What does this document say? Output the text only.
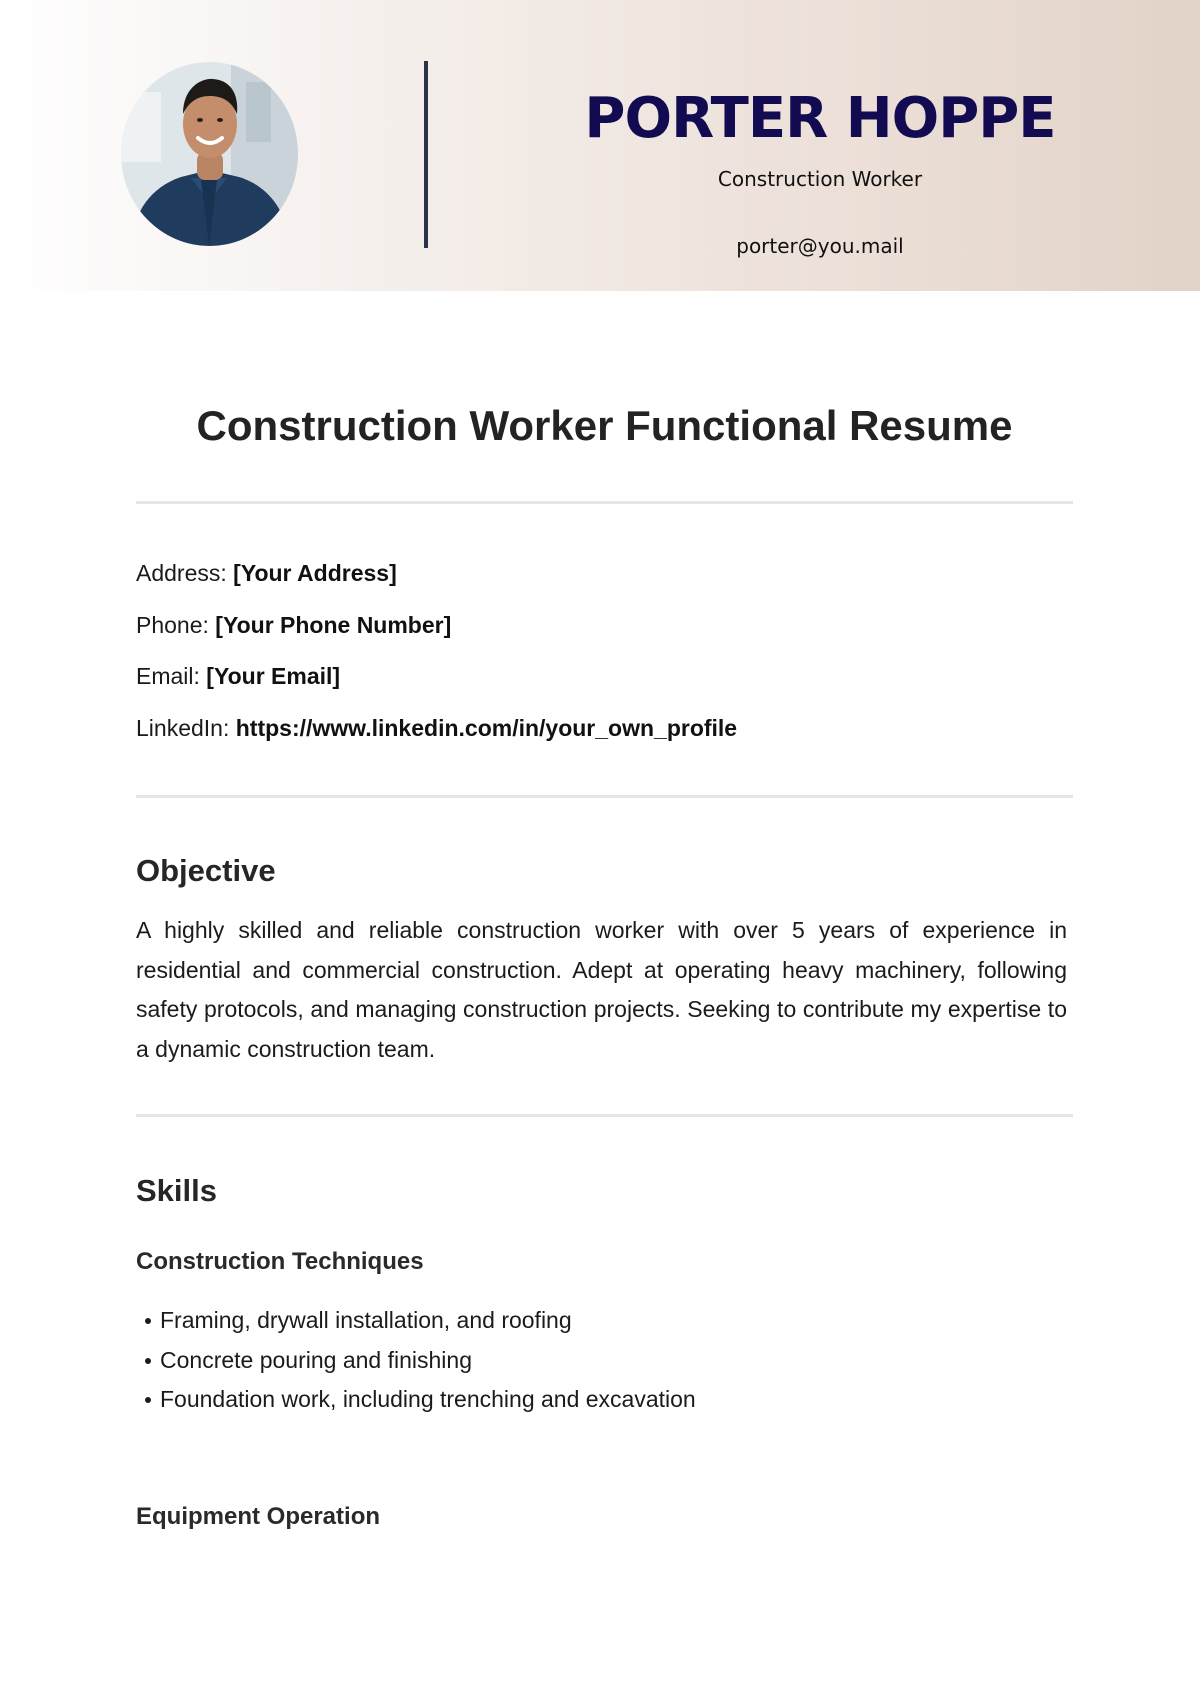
PORTER HOPPE
Construction Worker
porter@you.mail
Construction Worker Functional Resume
Address: [Your Address]
Phone: [Your Phone Number]
Email: [Your Email]
LinkedIn: https://www.linkedin.com/in/your_own_profile
Objective

A highly skilled and reliable construction worker with over 5 years of experience in residential and commercial construction. Adept at operating heavy machinery, following safety protocols, and managing construction projects. Seeking to contribute my expertise to a dynamic construction team.

Skills
Construction Techniques
Framing, drywall installation, and roofing
Concrete pouring and finishing
Foundation work, including trenching and excavation
Equipment Operation
